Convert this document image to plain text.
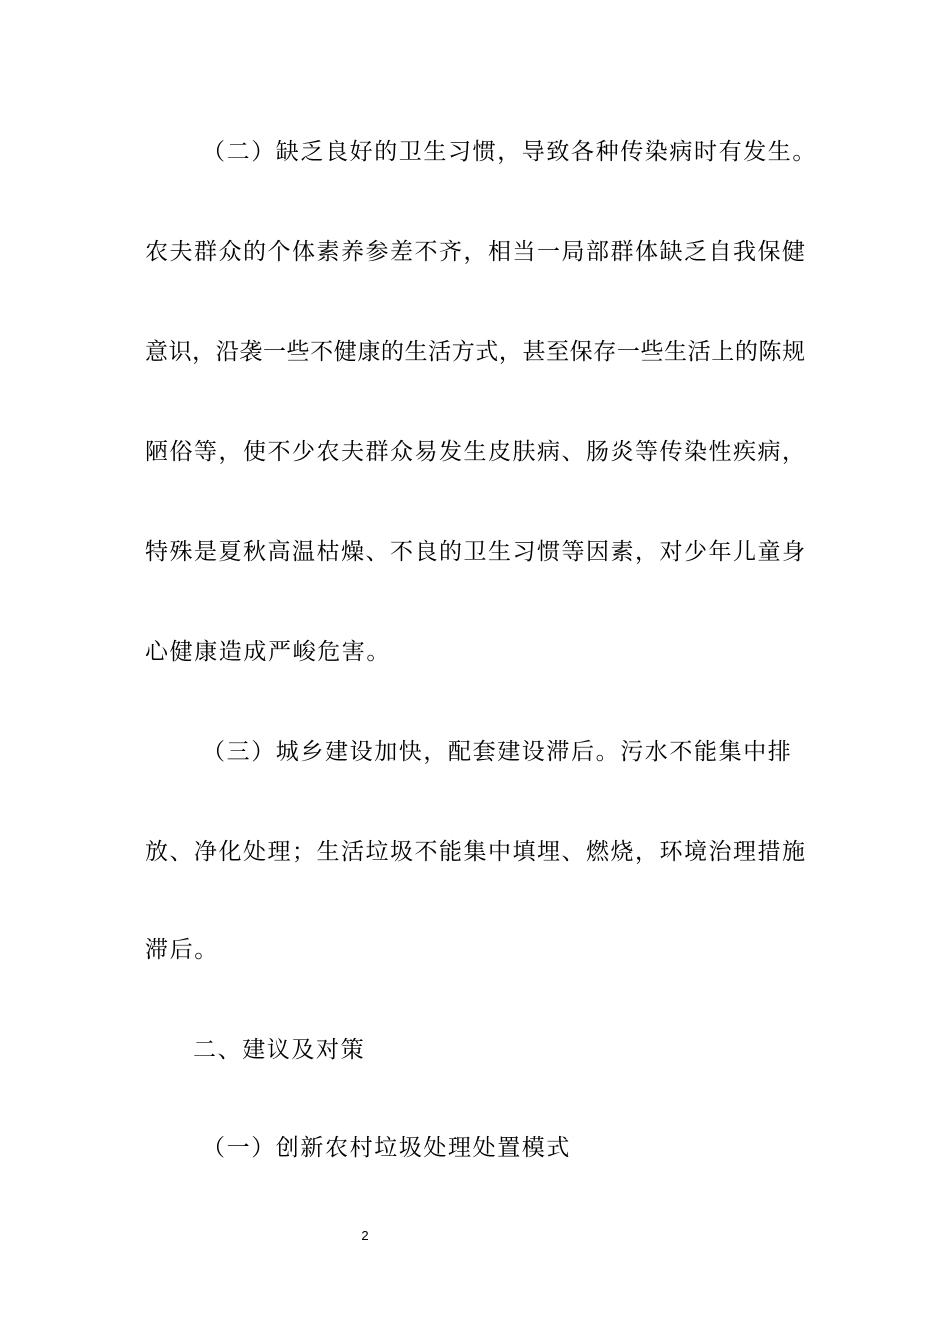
（二）缺乏良好的卫生习惯，导致各种传染病时有发生。
农夫群众的个体素养参差不齐，相当一局部群体缺乏自我保健
意识，沿袭一些不健康的生活方式，甚至保存一些生活上的陈规
陋俗等，使不少农夫群众易发生皮肤病、肠炎等传染性疾病，
特殊是夏秋高温枯燥、不良的卫生习惯等因素，对少年儿童身
心健康造成严峻危害。
（三）城乡建设加快，配套建设滞后。污水不能集中排
放、净化处理；生活垃圾不能集中填埋、燃烧，环境治理措施
滞后。
二、建议及对策
（一）创新农村垃圾处理处置模式
2
